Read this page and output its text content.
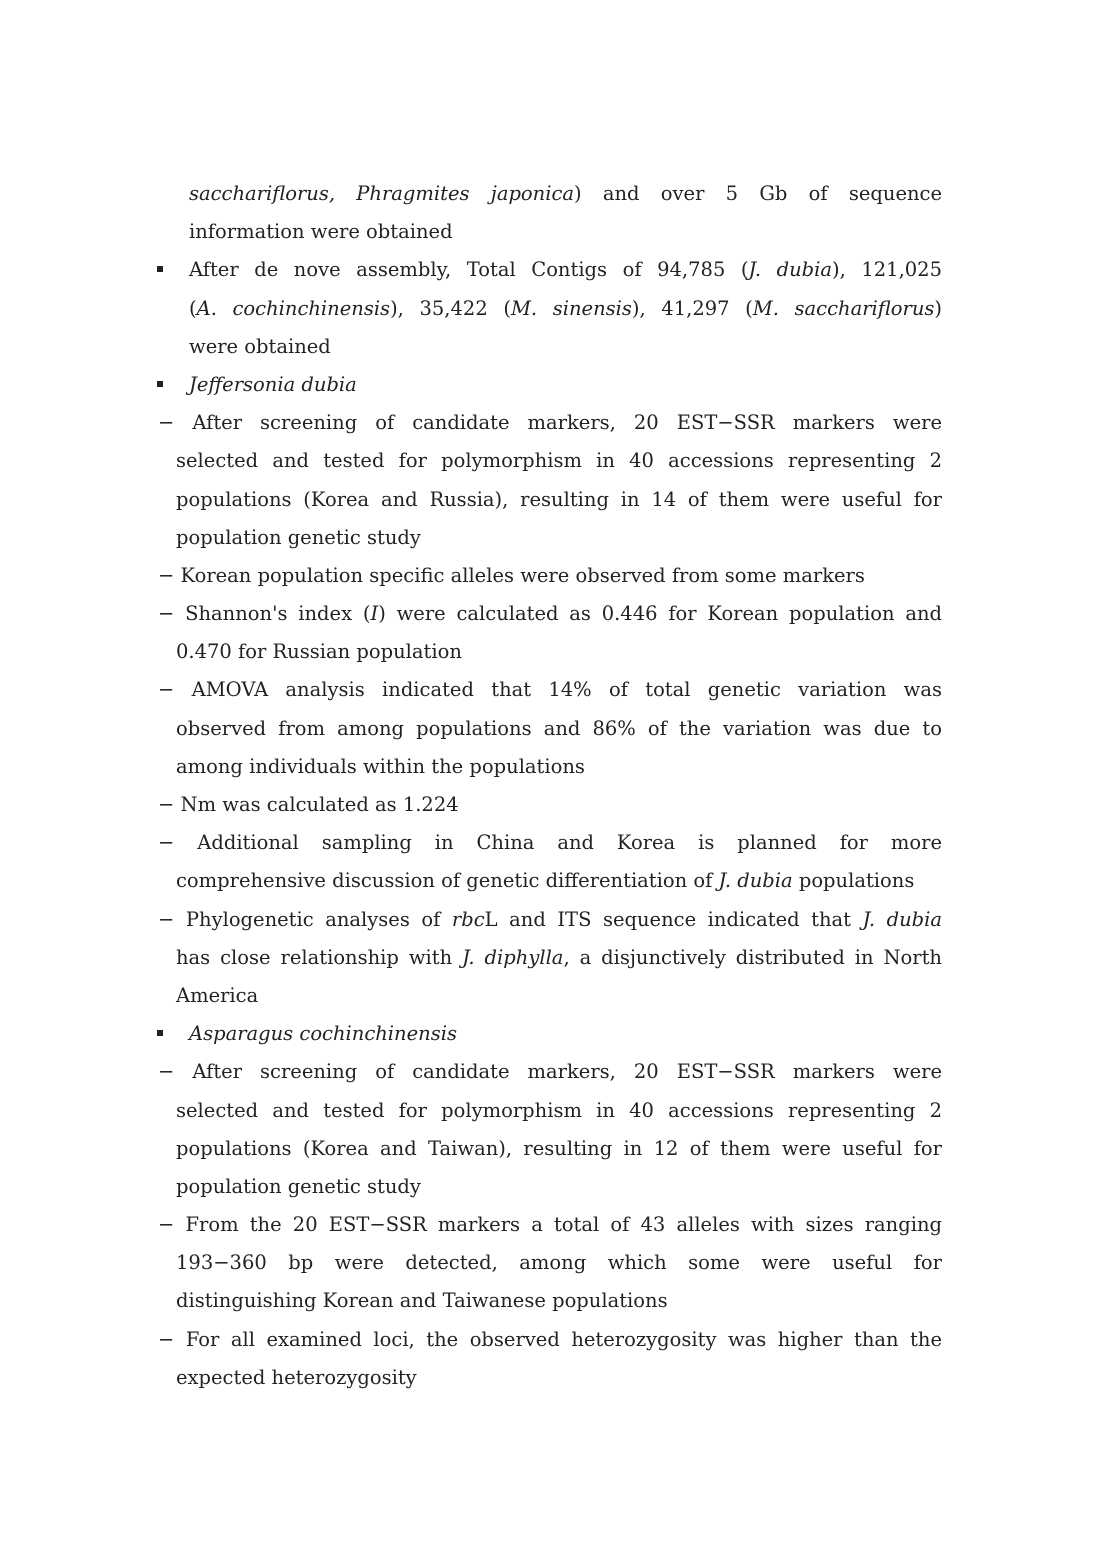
sacchariflorus, Phragmites japonica) and over 5 Gb of sequence
information were obtained
After de nove assembly, Total Contigs of 94,785 (J. dubia), 121,025
(A. cochinchinensis), 35,422 (M. sinensis), 41,297 (M. sacchariflorus)
were obtained
Jeffersonia dubia
− After screening of candidate markers, 20 EST−SSR markers were
selected and tested for polymorphism in 40 accessions representing 2
populations (Korea and Russia), resulting in 14 of them were useful for
population genetic study
− Korean population specific alleles were observed from some markers
− Shannon's index (I) were calculated as 0.446 for Korean population and
0.470 for Russian population
− AMOVA analysis indicated that 14% of total genetic variation was
observed from among populations and 86% of the variation was due to
among individuals within the populations
− Nm was calculated as 1.224
− Additional sampling in China and Korea is planned for more
comprehensive discussion of genetic differentiation of J. dubia populations
− Phylogenetic analyses of rbcL and ITS sequence indicated that J. dubia
has close relationship with J. diphylla, a disjunctively distributed in North
America
Asparagus cochinchinensis
− After screening of candidate markers, 20 EST−SSR markers were
selected and tested for polymorphism in 40 accessions representing 2
populations (Korea and Taiwan), resulting in 12 of them were useful for
population genetic study
− From the 20 EST−SSR markers a total of 43 alleles with sizes ranging
193−360 bp were detected, among which some were useful for
distinguishing Korean and Taiwanese populations
− For all examined loci, the observed heterozygosity was higher than the
expected heterozygosity
